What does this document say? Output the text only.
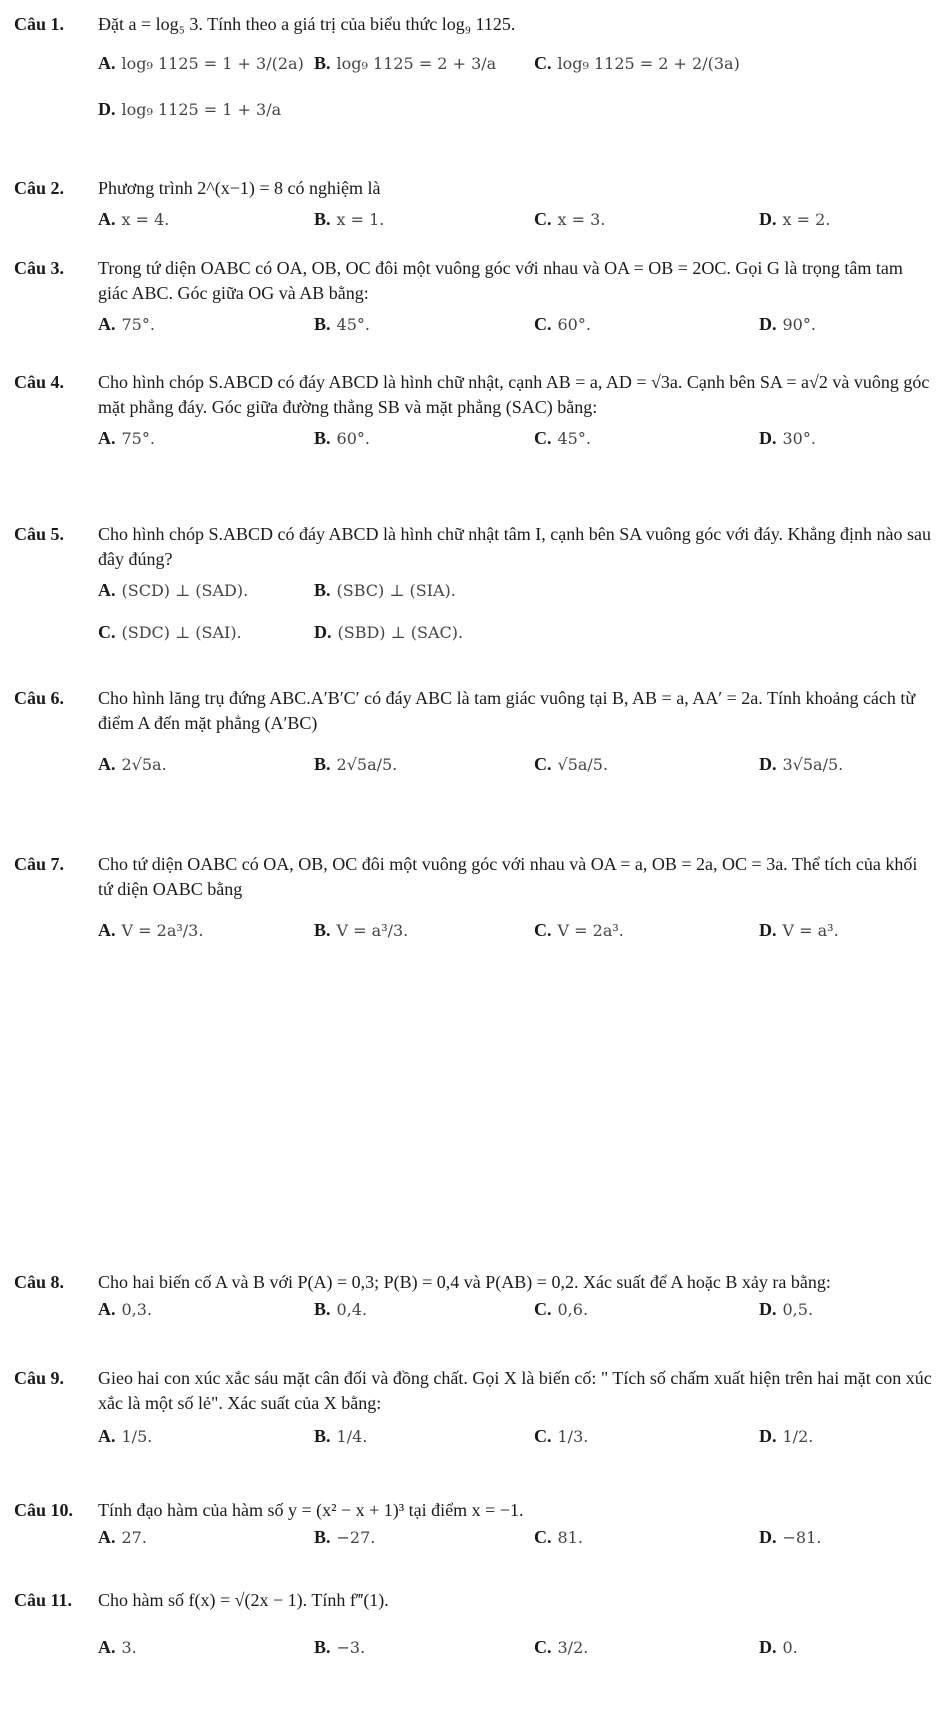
Câu 1.	Đặt a = log₅ 3. Tính theo a giá trị của biểu thức log₉ 1125.
A. log₉ 1125 = 1 + 3/(2a) B. log₉ 1125 = 2 + 3/a C. log₉ 1125 = 2 + 2/(3a)
D. log₉ 1125 = 1 + 3/a
Câu 2.	Phương trình 2^(x−1) = 8 có nghiệm là
A. x = 4.	B. x = 1.	C. x = 3.	D. x = 2.
Câu 3.	Trong tứ diện OABC có OA, OB, OC đôi một vuông góc với nhau và OA = OB = 2OC. Gọi G là trọng tâm tam giác ABC. Góc giữa OG và AB bằng:
A. 75°.	B. 45°.	C. 60°.	D. 90°.
Câu 4.	Cho hình chóp S.ABCD có đáy ABCD là hình chữ nhật, cạnh AB = a, AD = √3a. Cạnh bên SA = a√2 và vuông góc mặt phẳng đáy. Góc giữa đường thẳng SB và mặt phẳng (SAC) bằng:
A. 75°.	B. 60°.	C. 45°.	D. 30°.
Câu 5.	Cho hình chóp S.ABCD có đáy ABCD là hình chữ nhật tâm I, cạnh bên SA vuông góc với đáy. Khẳng định nào sau đây đúng?
A. (SCD) ⊥ (SAD).	B. (SBC) ⊥ (SIA).
C. (SDC) ⊥ (SAI).	D. (SBD) ⊥ (SAC).
Câu 6.	Cho hình lăng trụ đứng ABC.A′B′C′ có đáy ABC là tam giác vuông tại B, AB = a, AA′ = 2a. Tính khoảng cách từ điểm A đến mặt phẳng (A′BC)
A. 2√5a.	B. 2√5a/5.	C. √5a/5.	D. 3√5a/5.
Câu 7.	Cho tứ diện OABC có OA, OB, OC đôi một vuông góc với nhau và OA = a, OB = 2a, OC = 3a. Thể tích của khối tứ diện OABC bằng
A. V = 2a³/3.	B. V = a³/3.	C. V = 2a³.	D. V = a³.
Câu 8.	Cho hai biến cố A và B với P(A) = 0,3; P(B) = 0,4 và P(AB) = 0,2. Xác suất để A hoặc B xảy ra bằng:
A. 0,3.	B. 0,4.	C. 0,6.	D. 0,5.
Câu 9.	Gieo hai con xúc xắc sáu mặt cân đối và đồng chất. Gọi X là biến cố: " Tích số chấm xuất hiện trên hai mặt con xúc xắc là một số lẻ". Xác suất của X bằng:
A. 1/5.	B. 1/4.	C. 1/3.	D. 1/2.
Câu 10.	Tính đạo hàm của hàm số y = (x² − x + 1)³ tại điểm x = −1.
A. 27.	B. −27.	C. 81.	D. −81.
Câu 11.	Cho hàm số f(x) = √(2x − 1). Tính f‴(1).
A. 3.	B. −3.	C. 3/2.	D. 0.
